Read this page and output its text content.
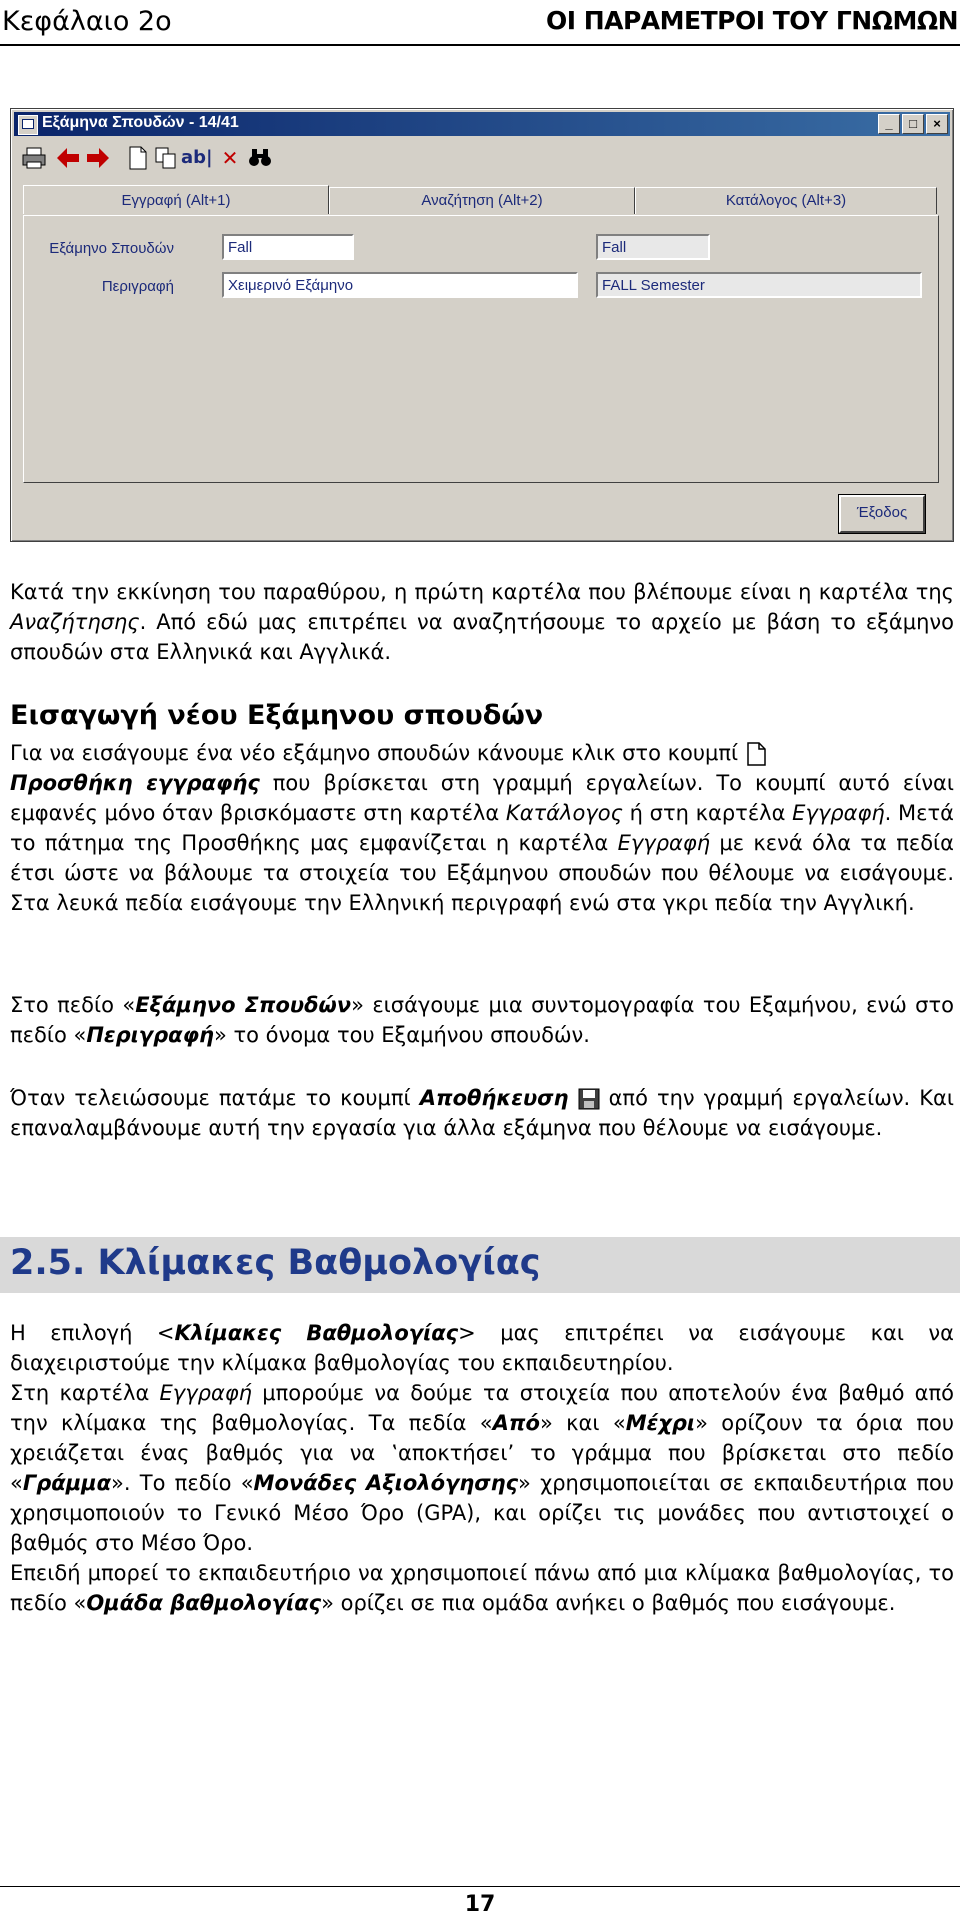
Κεφάλαιο 2ο	ΟΙ ΠΑΡΑΜΕΤΡΟΙ ΤΟΥ ΓΝΩΜΩΝ
Εξάμηνα Σπουδών - 14/41	_ □ ×
ab| ✕
Εγγραφή (Alt+1)	Αναζήτηση (Alt+2)	Κατάλογος (Alt+3)
Εξάμηνο Σπουδών	Fall	Fall
Περιγραφή	Χειμερινό Εξάμηνο	FALL Semester
Έξοδος
Κατά την εκκίνηση του παραθύρου, η πρώτη καρτέλα που βλέπουμε είναι η καρτέλα της Αναζήτησης. Από εδώ μας επιτρέπει να αναζητήσουμε το αρχείο με βάση το εξάμηνο σπουδών στα Ελληνικά και Αγγλικά.
Εισαγωγή νέου Εξάμηνου σπουδών
Για να εισάγουμε ένα νέο εξάμηνο σπουδών κάνουμε κλικ στο κουμπί
Προσθήκη εγγραφής που βρίσκεται στη γραμμή εργαλείων. Το κουμπί αυτό είναι εμφανές μόνο όταν βρισκόμαστε στη καρτέλα Κατάλογος ή στη καρτέλα Εγγραφή. Μετά το πάτημα της Προσθήκης μας εμφανίζεται η καρτέλα Εγγραφή με κενά όλα τα πεδία έτσι ώστε να βάλουμε τα στοιχεία του Εξάμηνου σπουδών που θέλουμε να εισάγουμε. Στα λευκά πεδία εισάγουμε την Ελληνική περιγραφή ενώ στα γκρι πεδία την Αγγλική.
Στο πεδίο «Εξάμηνο Σπουδών» εισάγουμε μια συντομογραφία του Εξαμήνου, ενώ στο πεδίο «Περιγραφή» το όνομα του Εξαμήνου σπουδών.
Όταν τελειώσουμε πατάμε το κουμπί Αποθήκευση  από την γραμμή εργαλείων. Και επαναλαμβάνουμε αυτή την εργασία για άλλα εξάμηνα που θέλουμε να εισάγουμε.
2.5. Κλίμακες Βαθμολογίας
Η επιλογή <Κλίμακες Βαθμολογίας> μας επιτρέπει να εισάγουμε και να διαχειριστούμε την κλίμακα βαθμολογίας του εκπαιδευτηρίου.
Στη καρτέλα Εγγραφή μπορούμε να δούμε τα στοιχεία που αποτελούν ένα βαθμό από την κλίμακα της βαθμολογίας. Τα πεδία «Από» και «Μέχρι» ορίζουν τα όρια που χρειάζεται ένας βαθμός για να ‛αποκτήσει’ το γράμμα που βρίσκεται στο πεδίο «Γράμμα». Το πεδίο «Μονάδες Αξιολόγησης» χρησιμοποιείται σε εκπαιδευτήρια που χρησιμοποιούν το Γενικό Μέσο Όρο (GPA), και ορίζει τις μονάδες που αντιστοιχεί ο βαθμός στο Μέσο Όρο.
Επειδή μπορεί το εκπαιδευτήριο να χρησιμοποιεί πάνω από μια κλίμακα βαθμολογίας, το πεδίο «Ομάδα βαθμολογίας» ορίζει σε πια ομάδα ανήκει ο βαθμός που εισάγουμε.
17
